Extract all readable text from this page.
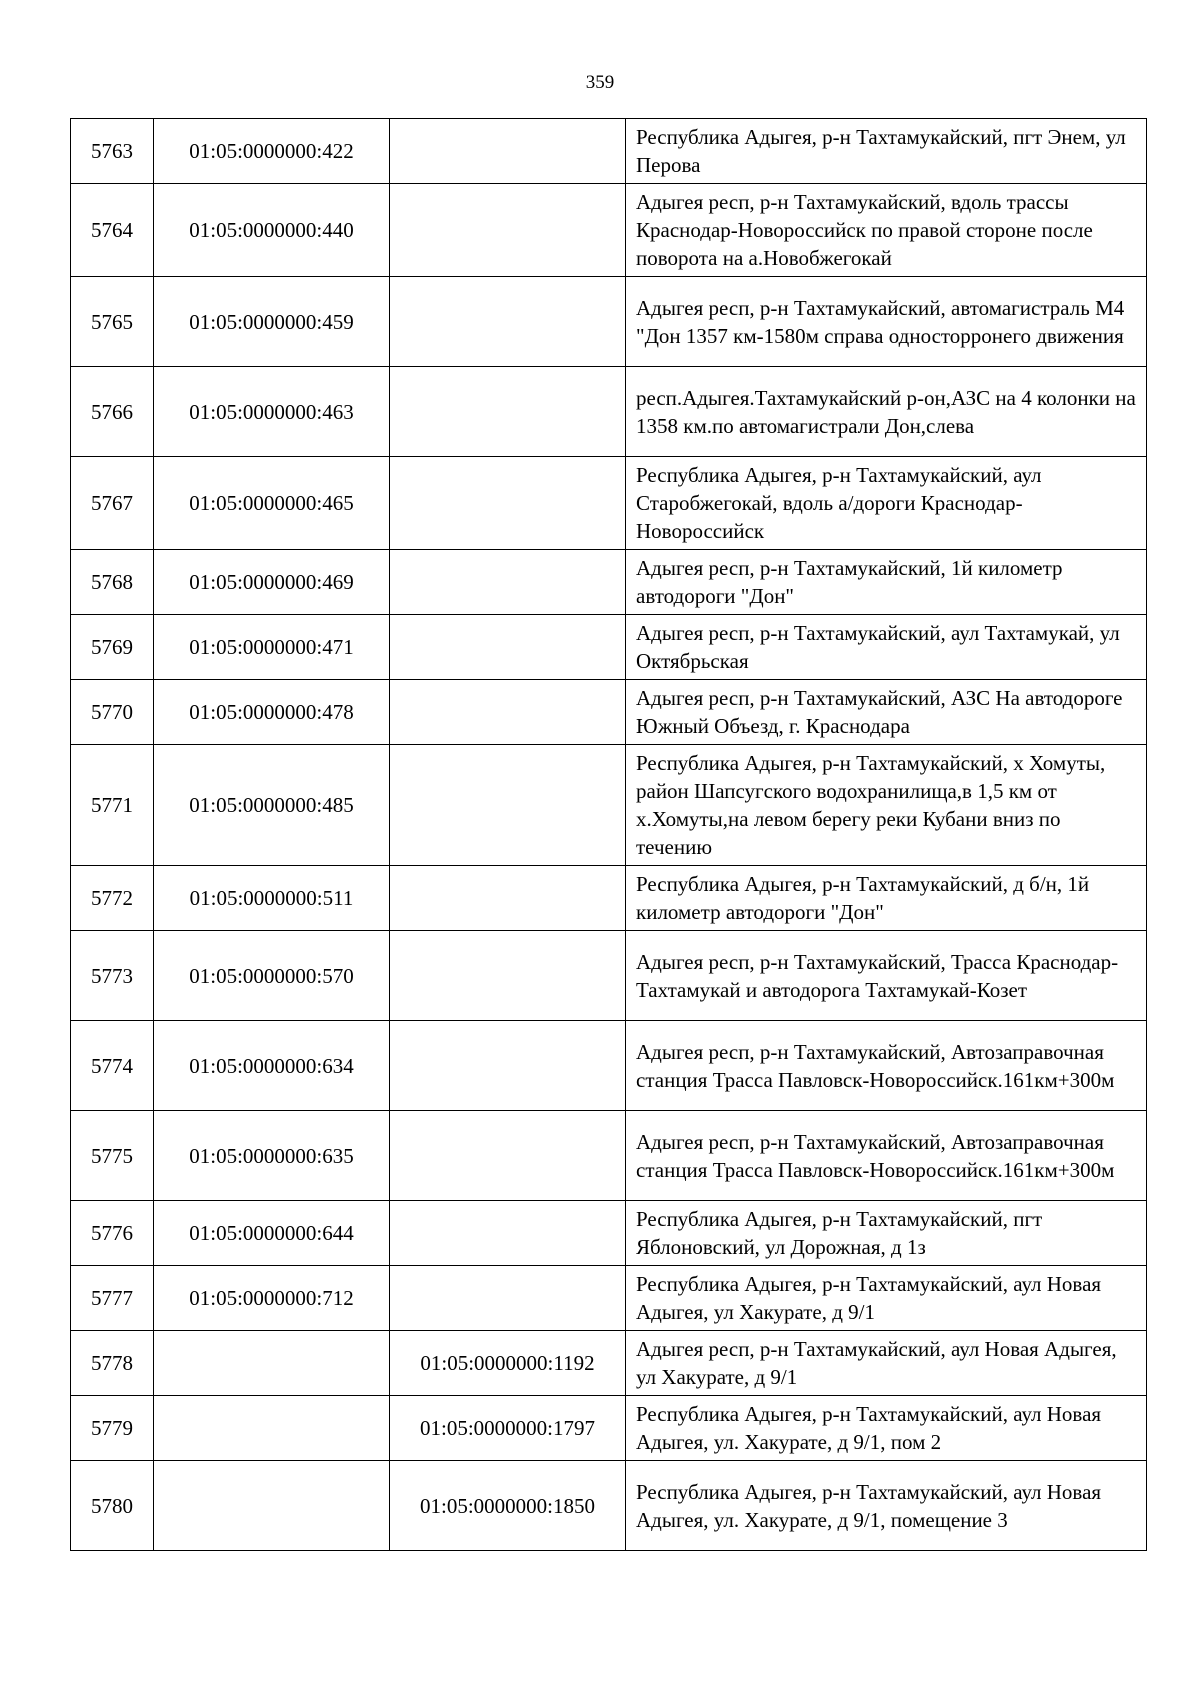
359
5763	01:05:0000000:422		Республика Адыгея, р-н Тахтамукайский, пгт Энем, ул Перова
5764	01:05:0000000:440		Адыгея респ, р-н Тахтамукайский, вдоль трассы Краснодар-Новороссийск по правой стороне после поворота на а.Новобжегокай
5765	01:05:0000000:459		Адыгея респ, р-н Тахтамукайский, автомагистраль М4 "Дон 1357 км-1580м справа односторронего движения
5766	01:05:0000000:463		респ.Адыгея.Тахтамукайский р-он,АЗС на 4 колонки на 1358 км.по автомагистрали Дон,слева
5767	01:05:0000000:465		Республика Адыгея, р-н Тахтамукайский, аул Старобжегокай, вдоль а/дороги Краснодар-Новороссийск
5768	01:05:0000000:469		Адыгея респ, р-н Тахтамукайский, 1й километр автодороги "Дон"
5769	01:05:0000000:471		Адыгея респ, р-н Тахтамукайский, аул Тахтамукай, ул Октябрьская
5770	01:05:0000000:478		Адыгея респ, р-н Тахтамукайский, АЗС На автодороге Южный Объезд, г. Краснодара
5771	01:05:0000000:485		Республика Адыгея, р-н Тахтамукайский, х Хомуты, район Шапсугского водохранилища,в 1,5 км от х.Хомуты,на левом берегу реки Кубани вниз по течению
5772	01:05:0000000:511		Республика Адыгея, р-н Тахтамукайский, д б/н, 1й километр автодороги "Дон"
5773	01:05:0000000:570		Адыгея респ, р-н Тахтамукайский, Трасса Краснодар-Тахтамукай и автодорога Тахтамукай-Козет
5774	01:05:0000000:634		Адыгея респ, р-н Тахтамукайский, Автозаправочная станция Трасса Павловск-Новороссийск.161км+300м
5775	01:05:0000000:635		Адыгея респ, р-н Тахтамукайский, Автозаправочная станция Трасса Павловск-Новороссийск.161км+300м
5776	01:05:0000000:644		Республика Адыгея, р-н Тахтамукайский, пгт Яблоновский, ул Дорожная, д 1з
5777	01:05:0000000:712		Республика Адыгея, р-н Тахтамукайский, аул Новая Адыгея, ул Хакурате, д 9/1
5778		01:05:0000000:1192	Адыгея респ, р-н Тахтамукайский, аул Новая Адыгея, ул Хакурате, д 9/1
5779		01:05:0000000:1797	Республика Адыгея, р-н Тахтамукайский, аул Новая Адыгея, ул. Хакурате, д 9/1, пом 2
5780		01:05:0000000:1850	Республика Адыгея, р-н Тахтамукайский, аул Новая Адыгея, ул. Хакурате, д 9/1, помещение 3
